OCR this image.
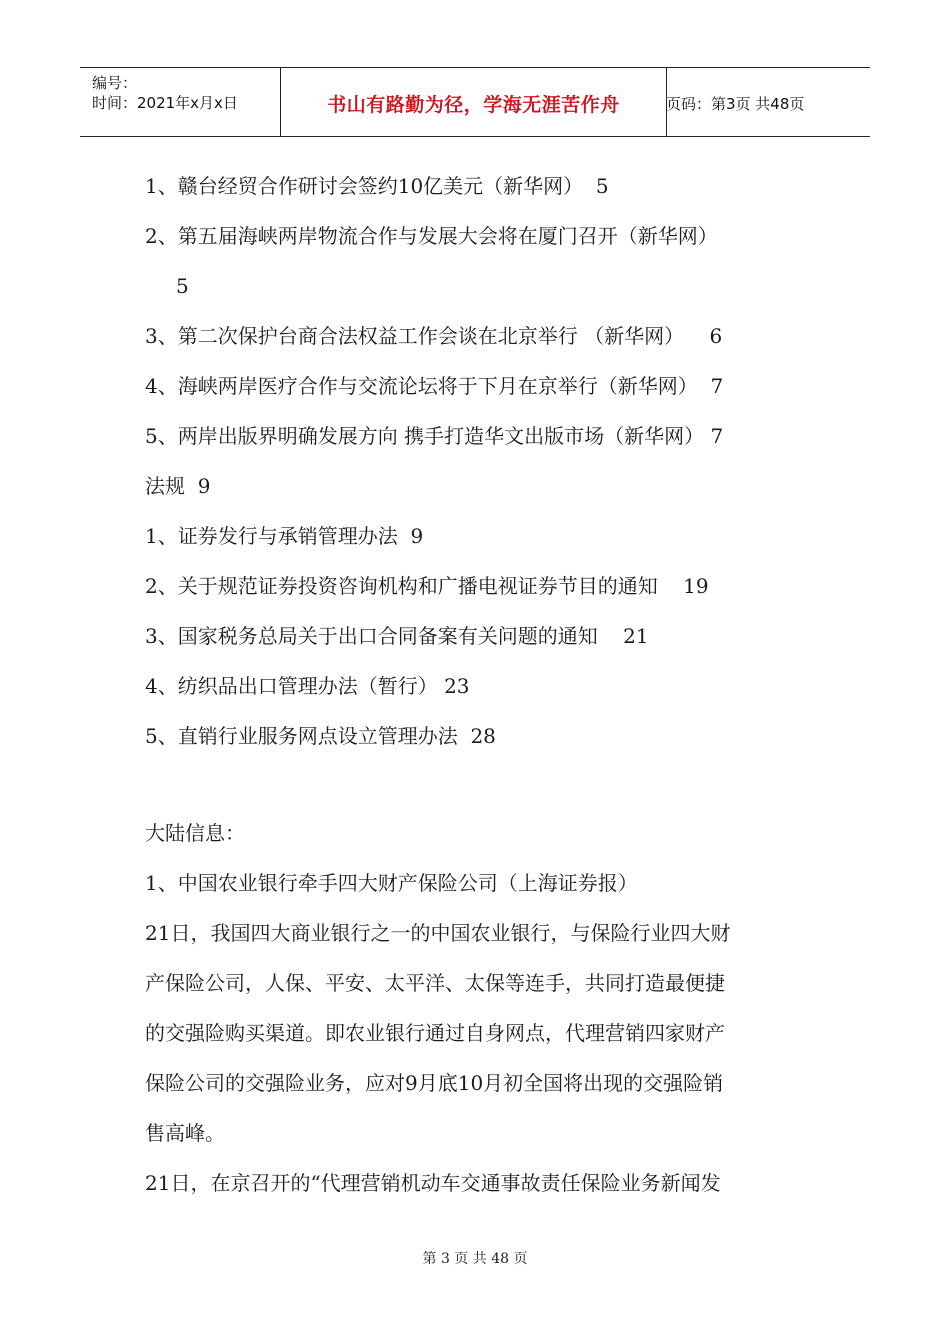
编号：
时间：2021年x月x日	书山有路勤为径，学海无涯苦作舟	页码：第3页 共48页
1、赣台经贸合作研讨会签约10亿美元（新华网）  5
2、第五届海峡两岸物流合作与发展大会将在厦门召开（新华网）
5
3、第二次保护台商合法权益工作会谈在北京举行 （新华网）    6
4、海峡两岸医疗合作与交流论坛将于下月在京举行（新华网）  7
5、两岸出版界明确发展方向 携手打造华文出版市场（新华网） 7
法规  9
1、证券发行与承销管理办法  9
2、关于规范证券投资咨询机构和广播电视证券节目的通知    19
3、国家税务总局关于出口合同备案有关问题的通知    21
4、纺织品出口管理办法（暂行） 23
5、直销行业服务网点设立管理办法  28
大陆信息：
1、中国农业银行牵手四大财产保险公司（上海证券报）
21日，我国四大商业银行之一的中国农业银行，与保险行业四大财
产保险公司，人保、平安、太平洋、太保等连手，共同打造最便捷
的交强险购买渠道。即农业银行通过自身网点，代理营销四家财产
保险公司的交强险业务，应对9月底10月初全国将出现的交强险销
售高峰。
21日，在京召开的“代理营销机动车交通事故责任保险业务新闻发
第 3 页 共 48 页
